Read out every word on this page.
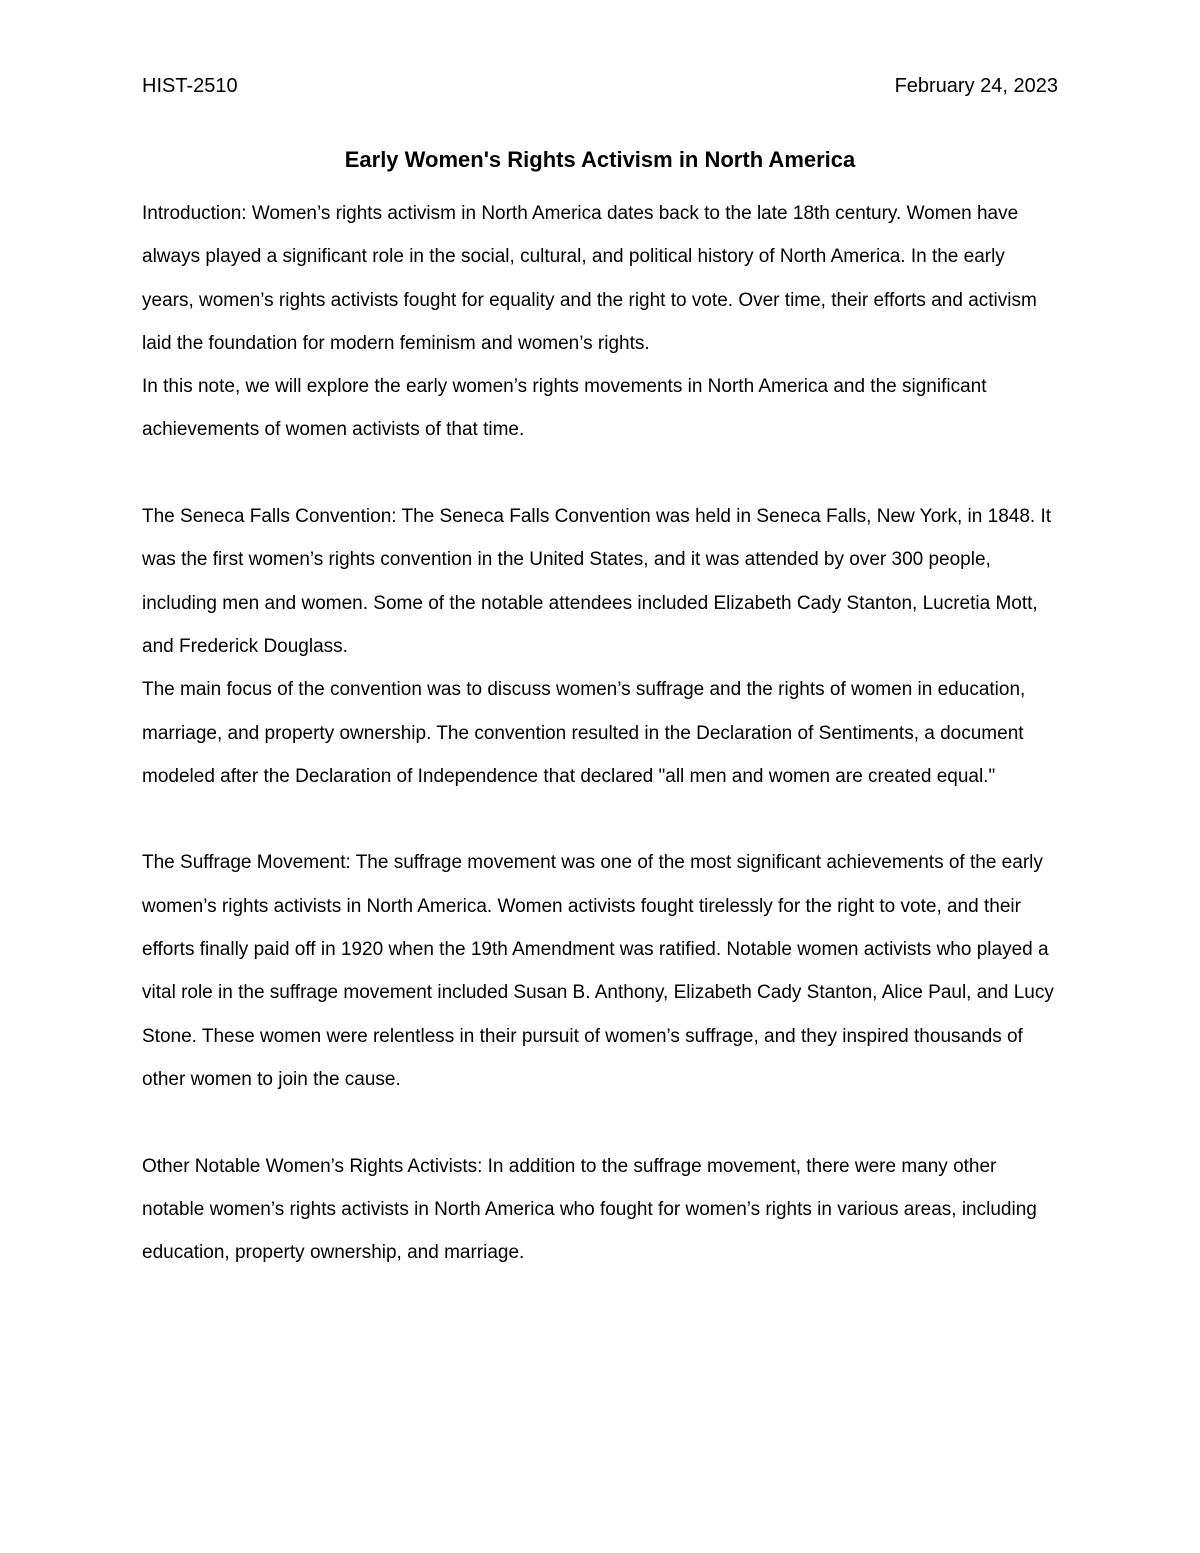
HIST-2510	February 24, 2023
Early Women's Rights Activism in North America

Introduction: Women’s rights activism in North America dates back to the late 18th century. Women have always played a significant role in the social, cultural, and political history of North America. In the early years, women’s rights activists fought for equality and the right to vote. Over time, their efforts and activism laid the foundation for modern feminism and women’s rights.

In this note, we will explore the early women’s rights movements in North America and the significant achievements of women activists of that time.

The Seneca Falls Convention: The Seneca Falls Convention was held in Seneca Falls, New York, in 1848. It was the first women’s rights convention in the United States, and it was attended by over 300 people, including men and women. Some of the notable attendees included Elizabeth Cady Stanton, Lucretia Mott, and Frederick Douglass.

The main focus of the convention was to discuss women’s suffrage and the rights of women in education, marriage, and property ownership. The convention resulted in the Declaration of Sentiments, a document modeled after the Declaration of Independence that declared "all men and women are created equal."

The Suffrage Movement: The suffrage movement was one of the most significant achievements of the early women’s rights activists in North America. Women activists fought tirelessly for the right to vote, and their efforts finally paid off in 1920 when the 19th Amendment was ratified. Notable women activists who played a vital role in the suffrage movement included Susan B. Anthony, Elizabeth Cady Stanton, Alice Paul, and Lucy Stone. These women were relentless in their pursuit of women’s suffrage, and they inspired thousands of other women to join the cause.

Other Notable Women’s Rights Activists: In addition to the suffrage movement, there were many other notable women’s rights activists in North America who fought for women’s rights in various areas, including education, property ownership, and marriage.
